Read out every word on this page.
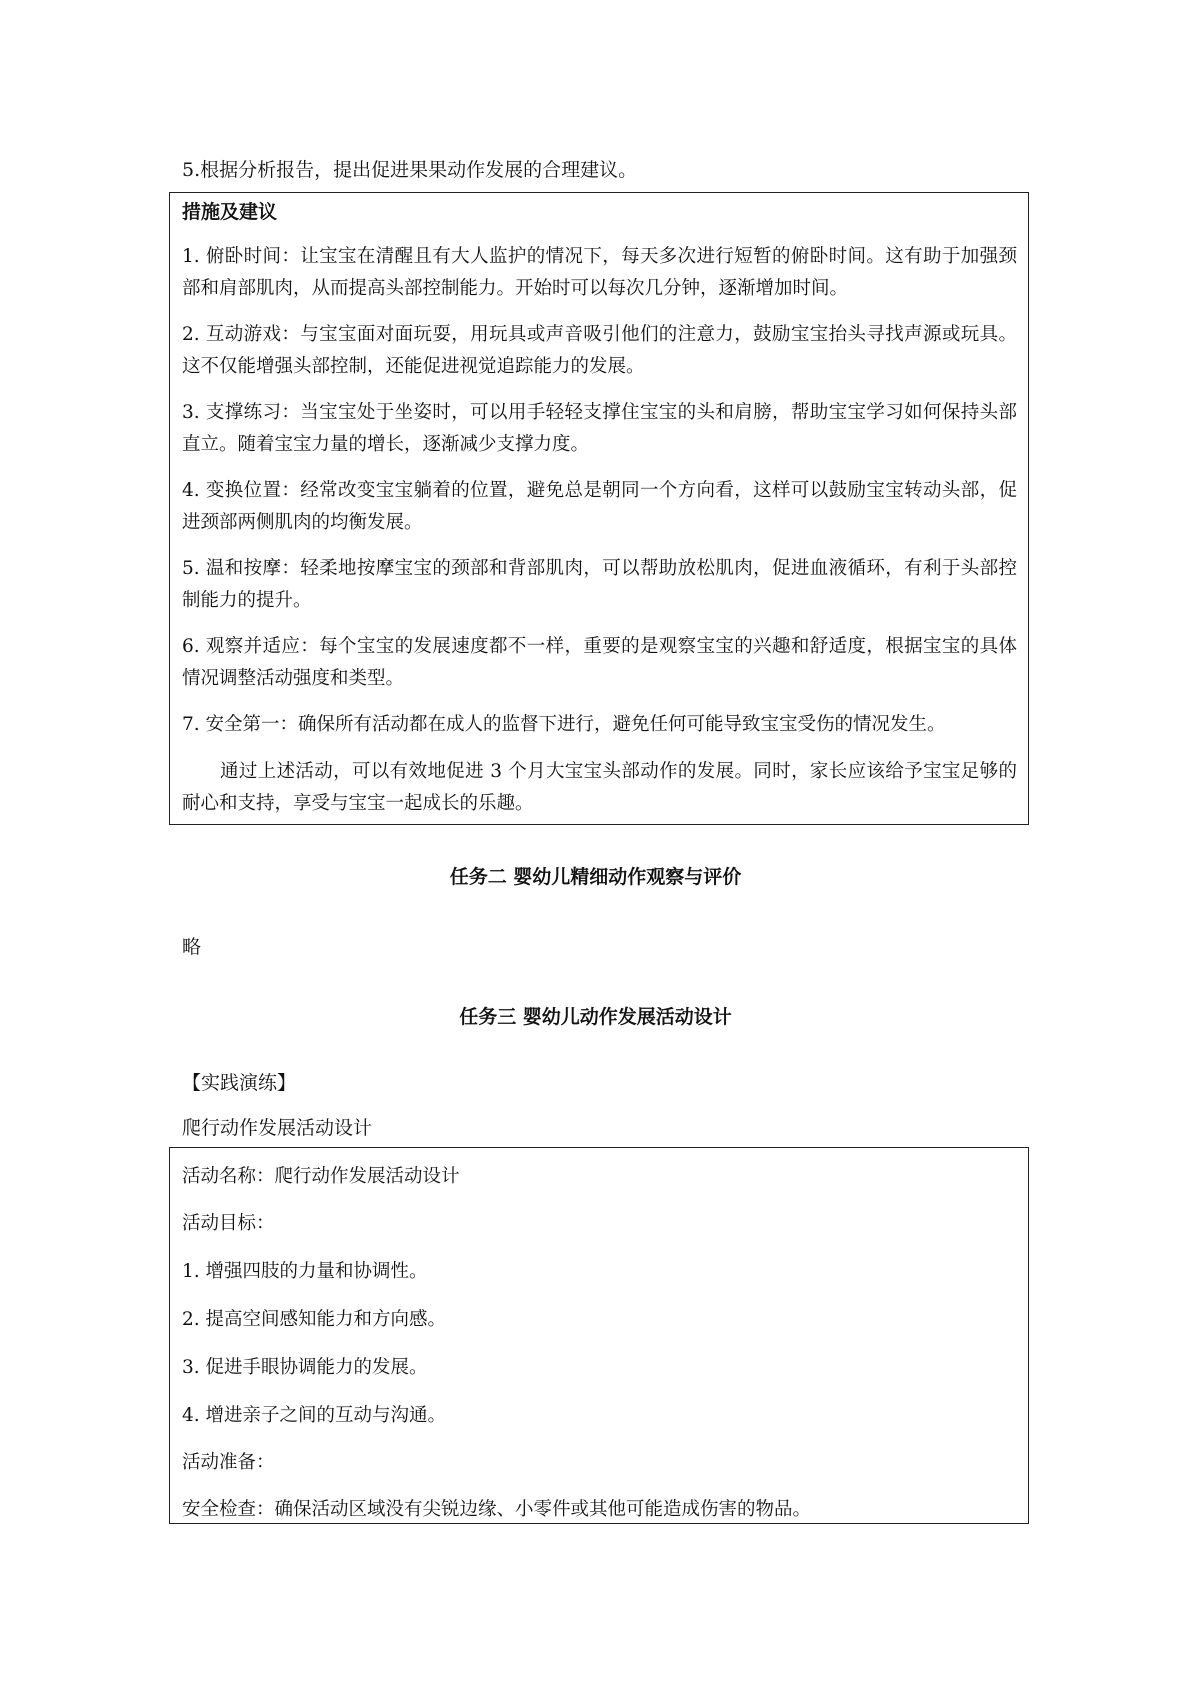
5.根据分析报告，提出促进果果动作发展的合理建议。
措施及建议
1. 俯卧时间：让宝宝在清醒且有大人监护的情况下，每天多次进行短暂的俯卧时间。这有助于加强颈部和肩部肌肉，从而提高头部控制能力。开始时可以每次几分钟，逐渐增加时间。
2. 互动游戏：与宝宝面对面玩耍，用玩具或声音吸引他们的注意力，鼓励宝宝抬头寻找声源或玩具。这不仅能增强头部控制，还能促进视觉追踪能力的发展。
3. 支撑练习：当宝宝处于坐姿时，可以用手轻轻支撑住宝宝的头和肩膀，帮助宝宝学习如何保持头部直立。随着宝宝力量的增长，逐渐减少支撑力度。
4. 变换位置：经常改变宝宝躺着的位置，避免总是朝同一个方向看，这样可以鼓励宝宝转动头部，促进颈部两侧肌肉的均衡发展。
5. 温和按摩：轻柔地按摩宝宝的颈部和背部肌肉，可以帮助放松肌肉，促进血液循环，有利于头部控制能力的提升。
6. 观察并适应：每个宝宝的发展速度都不一样，重要的是观察宝宝的兴趣和舒适度，根据宝宝的具体情况调整活动强度和类型。
7. 安全第一：确保所有活动都在成人的监督下进行，避免任何可能导致宝宝受伤的情况发生。
通过上述活动，可以有效地促进 3 个月大宝宝头部动作的发展。同时，家长应该给予宝宝足够的耐心和支持，享受与宝宝一起成长的乐趣。
任务二 婴幼儿精细动作观察与评价
略
任务三 婴幼儿动作发展活动设计
【实践演练】
爬行动作发展活动设计
活动名称：爬行动作发展活动设计
活动目标：
1. 增强四肢的力量和协调性。
2. 提高空间感知能力和方向感。
3. 促进手眼协调能力的发展。
4. 增进亲子之间的互动与沟通。
活动准备：
安全检查：确保活动区域没有尖锐边缘、小零件或其他可能造成伤害的物品。
